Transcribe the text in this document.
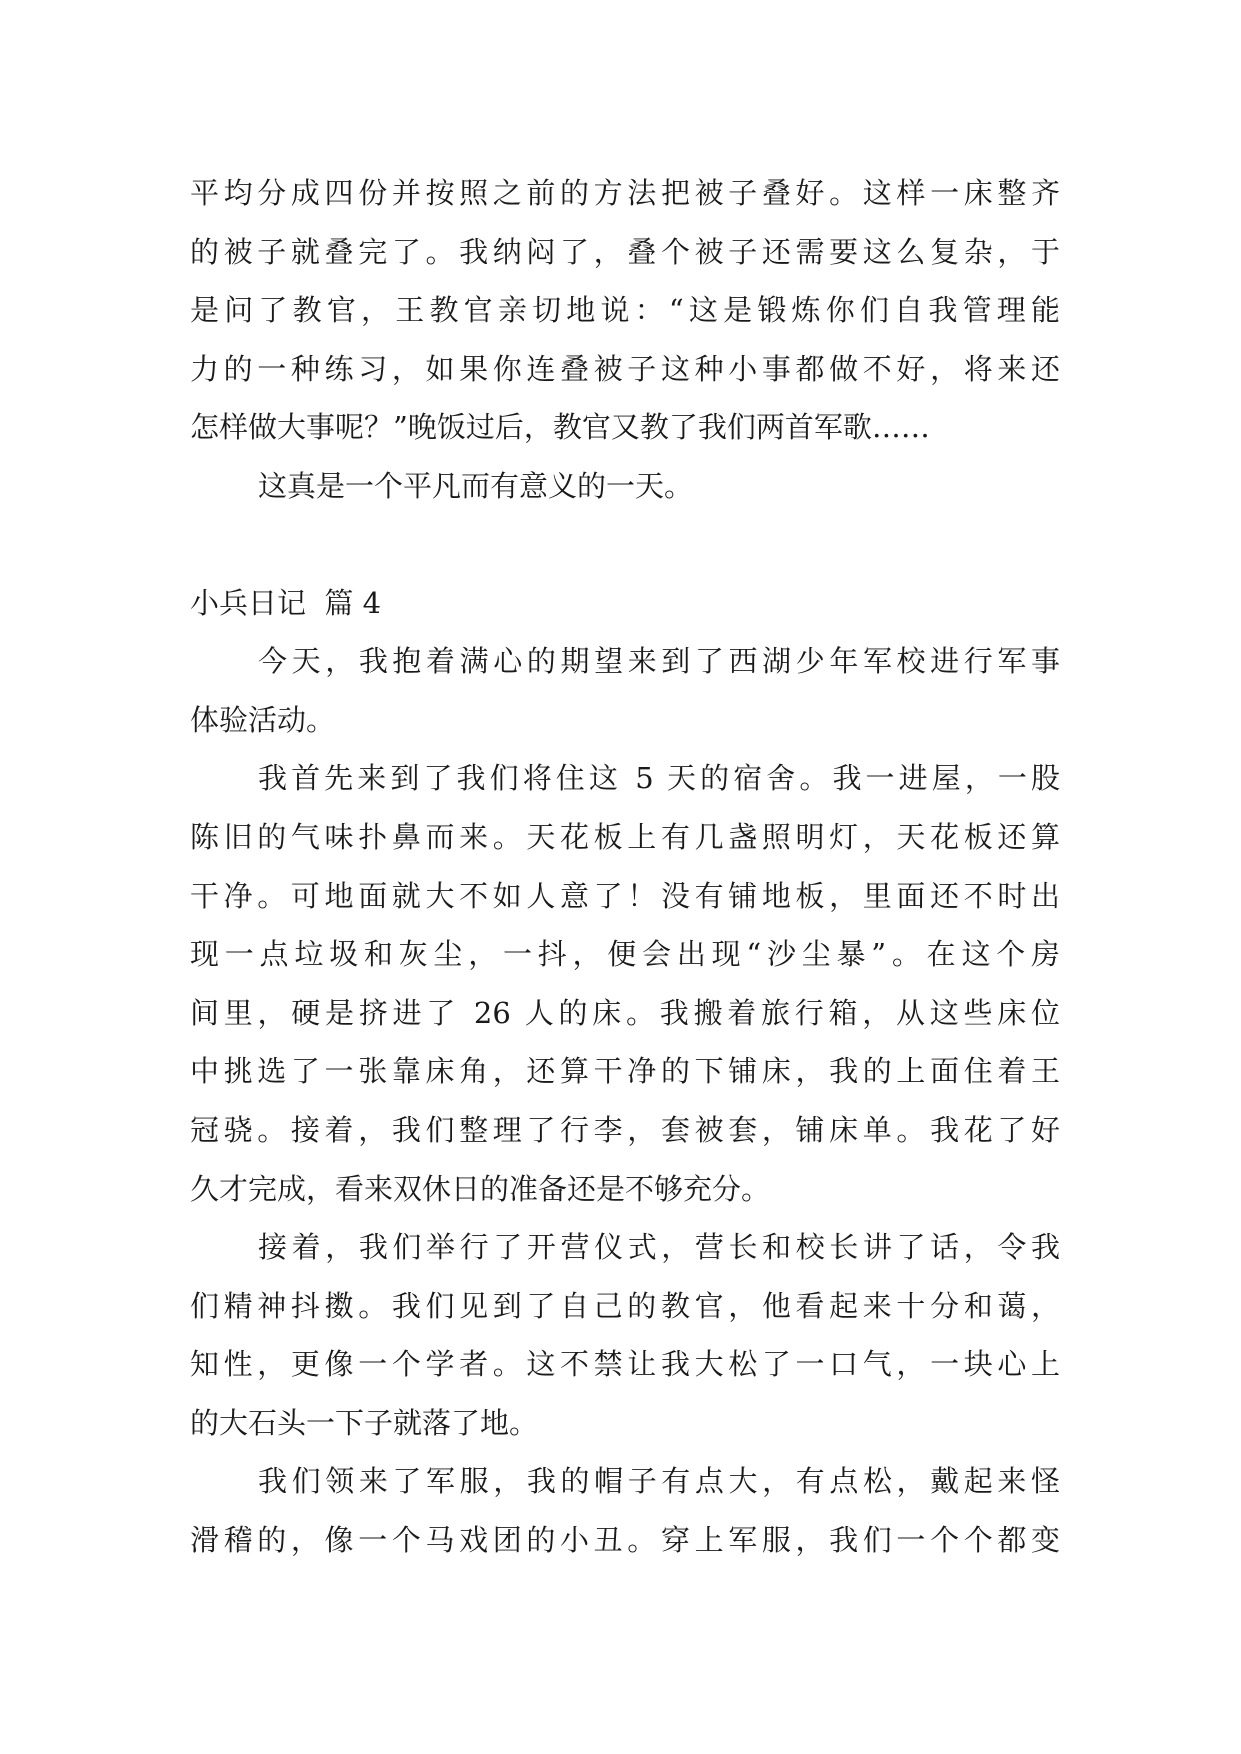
平均分成四份并按照之前的方法把被子叠好。这样一床整齐
的被子就叠完了。我纳闷了，叠个被子还需要这么复杂，于
是问了教官，王教官亲切地说：“这是锻炼你们自我管理能
力的一种练习，如果你连叠被子这种小事都做不好，将来还
怎样做大事呢？”晚饭过后，教官又教了我们两首军歌……
这真是一个平凡而有意义的一天。
小兵日记  篇 4
今天，我抱着满心的期望来到了西湖少年军校进行军事
体验活动。
我首先来到了我们将住这 5 天的宿舍。我一进屋，一股
陈旧的气味扑鼻而来。天花板上有几盏照明灯，天花板还算
干净。可地面就大不如人意了！没有铺地板，里面还不时出
现一点垃圾和灰尘，一抖，便会出现“沙尘暴”。在这个房
间里，硬是挤进了 26 人的床。我搬着旅行箱，从这些床位
中挑选了一张靠床角，还算干净的下铺床，我的上面住着王
冠骁。接着，我们整理了行李，套被套，铺床单。我花了好
久才完成，看来双休日的准备还是不够充分。
接着，我们举行了开营仪式，营长和校长讲了话，令我
们精神抖擞。我们见到了自己的教官，他看起来十分和蔼，
知性，更像一个学者。这不禁让我大松了一口气，一块心上
的大石头一下子就落了地。
我们领来了军服，我的帽子有点大，有点松，戴起来怪
滑稽的，像一个马戏团的小丑。穿上军服，我们一个个都变
